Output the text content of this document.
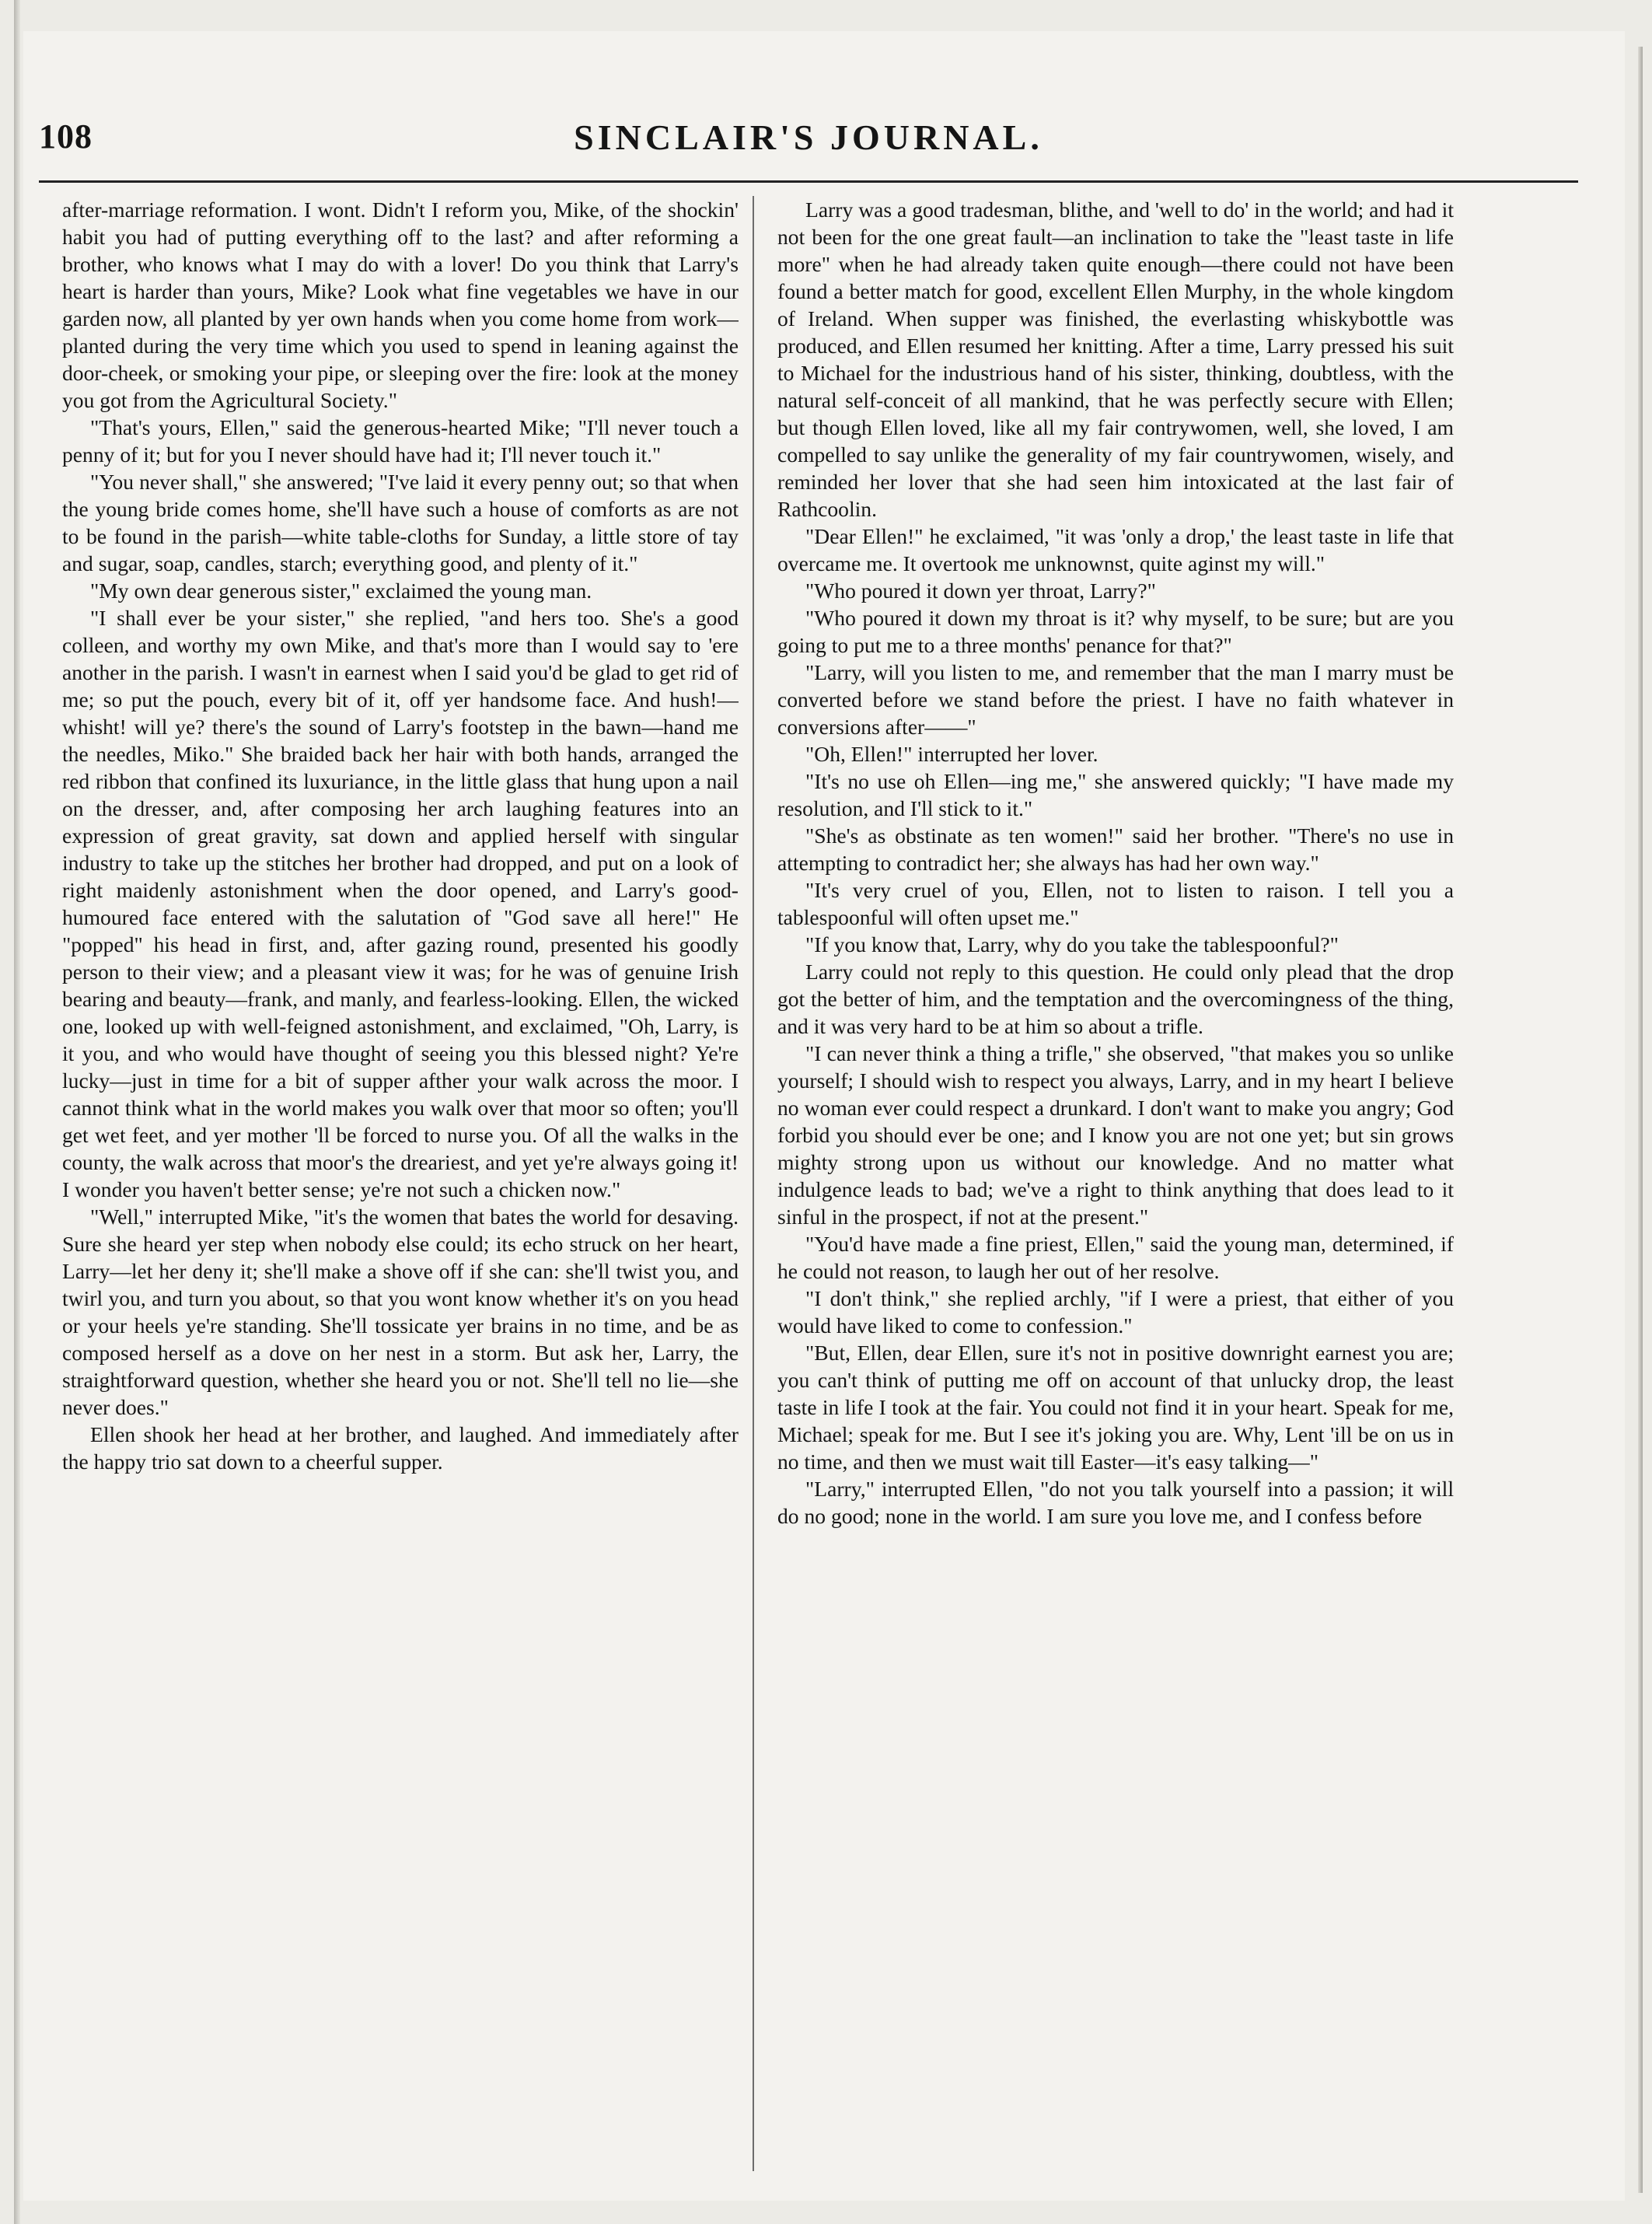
108	SINCLAIR'S JOURNAL.

after-marriage reformation. I wont. Didn't I reform you, Mike, of the shockin' habit you had of putting everything off to the last? and after reforming a brother, who knows what I may do with a lover! Do you think that Larry's heart is harder than yours, Mike? Look what fine vegetables we have in our garden now, all planted by yer own hands when you come home from work—planted during the very time which you used to spend in leaning against the door-cheek, or smoking your pipe, or sleeping over the fire: look at the money you got from the Agricultural Society."

"That's yours, Ellen," said the generous-hearted Mike; "I'll never touch a penny of it; but for you I never should have had it; I'll never touch it."

"You never shall," she answered; "I've laid it every penny out; so that when the young bride comes home, she'll have such a house of comforts as are not to be found in the parish—white table-cloths for Sunday, a little store of tay and sugar, soap, candles, starch; everything good, and plenty of it."

"My own dear generous sister," exclaimed the young man.

"I shall ever be your sister," she replied, "and hers too. She's a good colleen, and worthy my own Mike, and that's more than I would say to 'ere another in the parish. I wasn't in earnest when I said you'd be glad to get rid of me; so put the pouch, every bit of it, off yer handsome face. And hush!—whisht! will ye? there's the sound of Larry's footstep in the bawn—hand me the needles, Miko." She braided back her hair with both hands, arranged the red ribbon that confined its luxuriance, in the little glass that hung upon a nail on the dresser, and, after composing her arch laughing features into an expression of great gravity, sat down and applied herself with singular industry to take up the stitches her brother had dropped, and put on a look of right maidenly astonishment when the door opened, and Larry's good-humoured face entered with the salutation of "God save all here!" He "popped" his head in first, and, after gazing round, presented his goodly person to their view; and a pleasant view it was; for he was of genuine Irish bearing and beauty—frank, and manly, and fearless-looking. Ellen, the wicked one, looked up with well-feigned astonishment, and exclaimed, "Oh, Larry, is it you, and who would have thought of seeing you this blessed night? Ye're lucky—just in time for a bit of supper afther your walk across the moor. I cannot think what in the world makes you walk over that moor so often; you'll get wet feet, and yer mother 'll be forced to nurse you. Of all the walks in the county, the walk across that moor's the dreariest, and yet ye're always going it! I wonder you haven't better sense; ye're not such a chicken now."

"Well," interrupted Mike, "it's the women that bates the world for desaving. Sure she heard yer step when nobody else could; its echo struck on her heart, Larry—let her deny it; she'll make a shove off if she can: she'll twist you, and twirl you, and turn you about, so that you wont know whether it's on you head or your heels ye're standing. She'll tossicate yer brains in no time, and be as composed herself as a dove on her nest in a storm. But ask her, Larry, the straightforward question, whether she heard you or not. She'll tell no lie—she never does."

Ellen shook her head at her brother, and laughed. And immediately after the happy trio sat down to a cheerful supper.

Larry was a good tradesman, blithe, and 'well to do' in the world; and had it not been for the one great fault—an inclination to take the "least taste in life more" when he had already taken quite enough—there could not have been found a better match for good, excellent Ellen Murphy, in the whole kingdom of Ireland. When supper was finished, the everlasting whiskybottle was produced, and Ellen resumed her knitting. After a time, Larry pressed his suit to Michael for the industrious hand of his sister, thinking, doubtless, with the natural self-conceit of all mankind, that he was perfectly secure with Ellen; but though Ellen loved, like all my fair contrywomen, well, she loved, I am compelled to say unlike the generality of my fair countrywomen, wisely, and reminded her lover that she had seen him intoxicated at the last fair of Rathcoolin.

"Dear Ellen!" he exclaimed, "it was 'only a drop,' the least taste in life that overcame me. It overtook me unknownst, quite aginst my will."

"Who poured it down yer throat, Larry?"

"Who poured it down my throat is it? why myself, to be sure; but are you going to put me to a three months' penance for that?"

"Larry, will you listen to me, and remember that the man I marry must be converted before we stand before the priest. I have no faith whatever in conversions after——"

"Oh, Ellen!" interrupted her lover.

"It's no use oh Ellen—ing me," she answered quickly; "I have made my resolution, and I'll stick to it."

"She's as obstinate as ten women!" said her brother. "There's no use in attempting to contradict her; she always has had her own way."

"It's very cruel of you, Ellen, not to listen to raison. I tell you a tablespoonful will often upset me."

"If you know that, Larry, why do you take the tablespoonful?"

Larry could not reply to this question. He could only plead that the drop got the better of him, and the temptation and the overcomingness of the thing, and it was very hard to be at him so about a trifle.

"I can never think a thing a trifle," she observed, "that makes you so unlike yourself; I should wish to respect you always, Larry, and in my heart I believe no woman ever could respect a drunkard. I don't want to make you angry; God forbid you should ever be one; and I know you are not one yet; but sin grows mighty strong upon us without our knowledge. And no matter what indulgence leads to bad; we've a right to think anything that does lead to it sinful in the prospect, if not at the present."

"You'd have made a fine priest, Ellen," said the young man, determined, if he could not reason, to laugh her out of her resolve.

"I don't think," she replied archly, "if I were a priest, that either of you would have liked to come to confession."

"But, Ellen, dear Ellen, sure it's not in positive downright earnest you are; you can't think of putting me off on account of that unlucky drop, the least taste in life I took at the fair. You could not find it in your heart. Speak for me, Michael; speak for me. But I see it's joking you are. Why, Lent 'ill be on us in no time, and then we must wait till Easter—it's easy talking—"

"Larry," interrupted Ellen, "do not you talk yourself into a passion; it will do no good; none in the world. I am sure you love me, and I confess before
